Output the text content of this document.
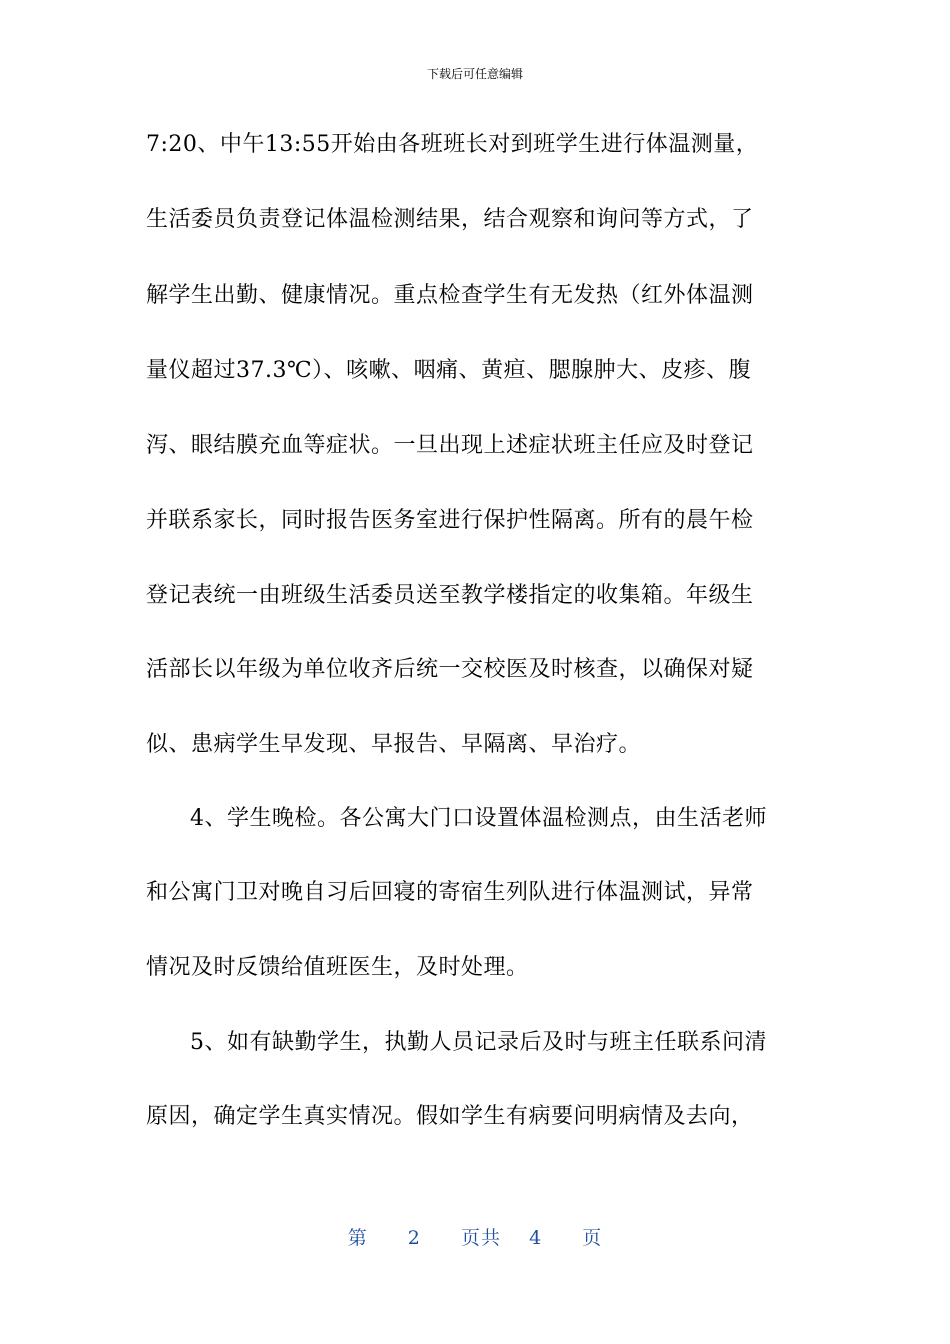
下载后可任意编辑
7:20、中午13:55开始由各班班长对到班学生进行体温测量，
生活委员负责登记体温检测结果，结合观察和询问等方式，了
解学生出勤、健康情况。重点检查学生有无发热（红外体温测
量仪超过37.3℃）、咳嗽、咽痛、黄疸、腮腺肿大、皮疹、腹
泻、眼结膜充血等症状。一旦出现上述症状班主任应及时登记
并联系家长，同时报告医务室进行保护性隔离。所有的晨午检
登记表统一由班级生活委员送至教学楼指定的收集箱。年级生
活部长以年级为单位收齐后统一交校医及时核查，以确保对疑
似、患病学生早发现、早报告、早隔离、早治疗。
4、学生晚检。各公寓大门口设置体温检测点，由生活老师
和公寓门卫对晚自习后回寝的寄宿生列队进行体温测试，异常
情况及时反馈给值班医生，及时处理。
5、如有缺勤学生，执勤人员记录后及时与班主任联系问清
原因，确定学生真实情况。假如学生有病要问明病情及去向，
第 2 页共 4 页
